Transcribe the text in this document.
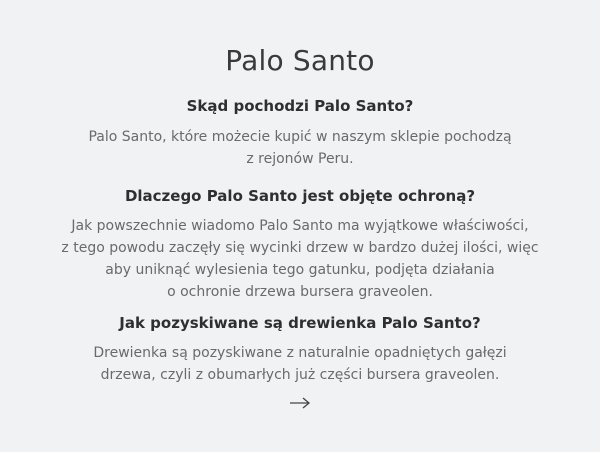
Palo Santo
Skąd pochodzi Palo Santo?

Palo Santo, które możecie kupić w naszym sklepie pochodzą
z rejonów Peru.

Dlaczego Palo Santo jest objęte ochroną?

Jak powszechnie wiadomo Palo Santo ma wyjątkowe właściwości,
z tego powodu zaczęły się wycinki drzew w bardzo dużej ilości, więc
aby uniknąć wylesienia tego gatunku, podjęta działania
o ochronie drzewa bursera graveolen.

Jak pozyskiwane są drewienka Palo Santo?

Drewienka są pozyskiwane z naturalnie opadniętych gałęzi
drzewa, czyli z obumarłych już części bursera graveolen.
